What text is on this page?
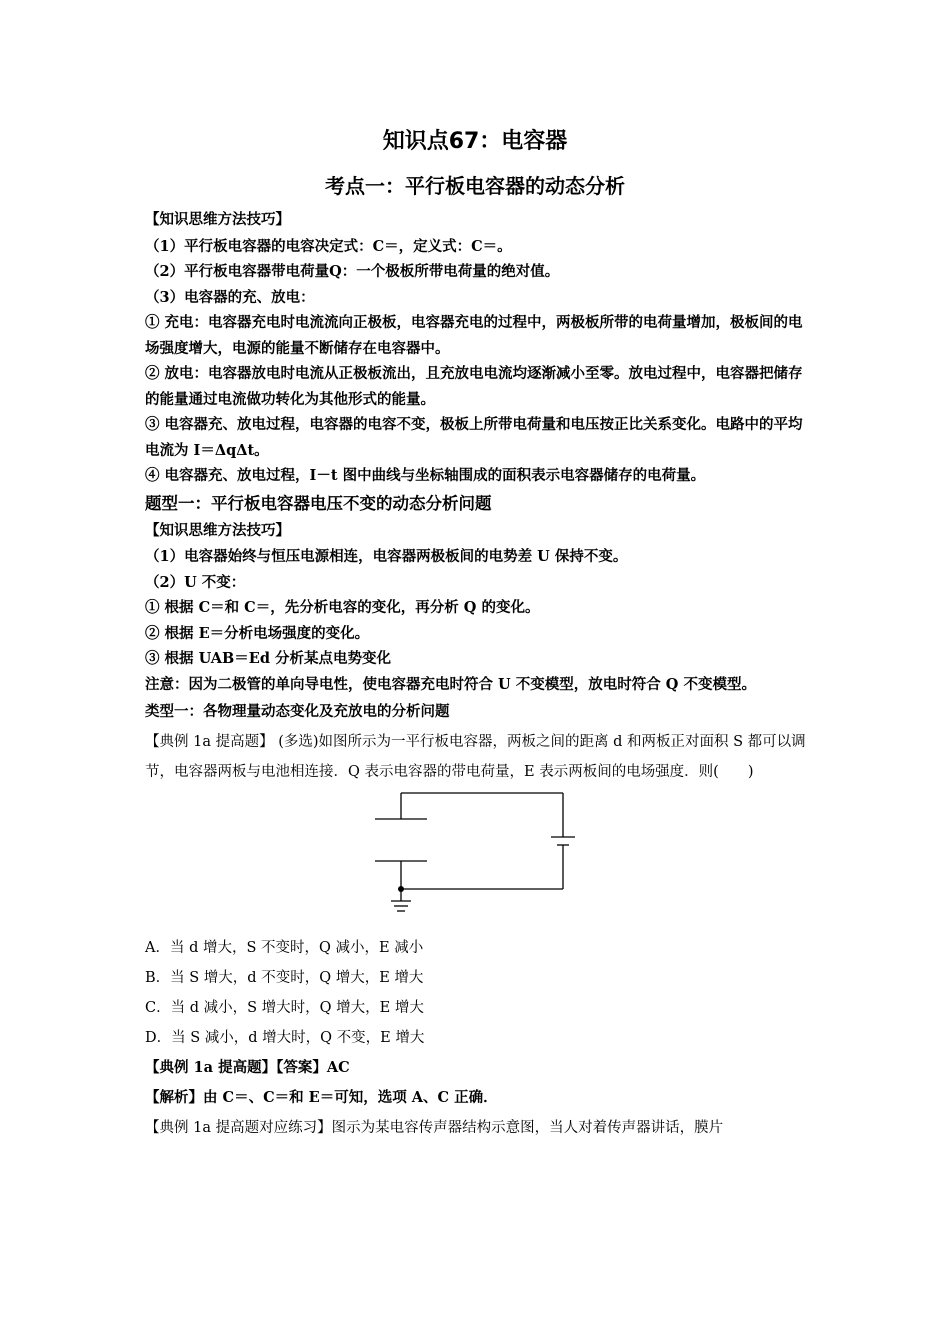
知识点67：电容器
考点一：平行板电容器的动态分析

【知识思维方法技巧】

（1）平行板电容器的电容决定式：C＝，定义式：C＝。

（2）平行板电容器带电荷量Q：一个极板所带电荷量的绝对值。

（3）电容器的充、放电：

① 充电：电容器充电时电流流向正极板，电容器充电的过程中，两极板所带的电荷量增加，极板间的电场强度增大，电源的能量不断储存在电容器中。

② 放电：电容器放电时电流从正极板流出，且充放电电流均逐渐减小至零。放电过程中，电容器把储存的能量通过电流做功转化为其他形式的能量。

③ 电容器充、放电过程，电容器的电容不变，极板上所带电荷量和电压按正比关系变化。电路中的平均电流为 I＝ΔqΔt。

④ 电容器充、放电过程，I－t 图中曲线与坐标轴围成的面积表示电容器储存的电荷量。

题型一：平行板电容器电压不变的动态分析问题

【知识思维方法技巧】

（1）电容器始终与恒压电源相连，电容器两极板间的电势差 U 保持不变。

（2）U 不变：

① 根据 C＝和 C＝，先分析电容的变化，再分析 Q 的变化。

② 根据 E＝分析电场强度的变化。

③ 根据 UAB＝Ed 分析某点电势变化

注意：因为二极管的单向导电性，使电容器充电时符合 U 不变模型，放电时符合 Q 不变模型。

类型一：各物理量动态变化及充放电的分析问题

【典例 1a 提高题】 (多选)如图所示为一平行板电容器，两板之间的距离 d 和两板正对面积 S 都可以调节，电容器两板与电池相连接．Q 表示电容器的带电荷量，E 表示两板间的电场强度．则(　　)

A．当 d 增大，S 不变时，Q 减小，E 减小

B．当 S 增大，d 不变时，Q 增大，E 增大

C．当 d 减小，S 增大时，Q 增大，E 增大

D．当 S 减小，d 增大时，Q 不变，E 增大

【典例 1a 提高题】【答案】AC

【解析】由 C＝、C＝和 E＝可知，选项 A、C 正确．

【典例 1a 提高题对应练习】图示为某电容传声器结构示意图，当人对着传声器讲话，膜片
